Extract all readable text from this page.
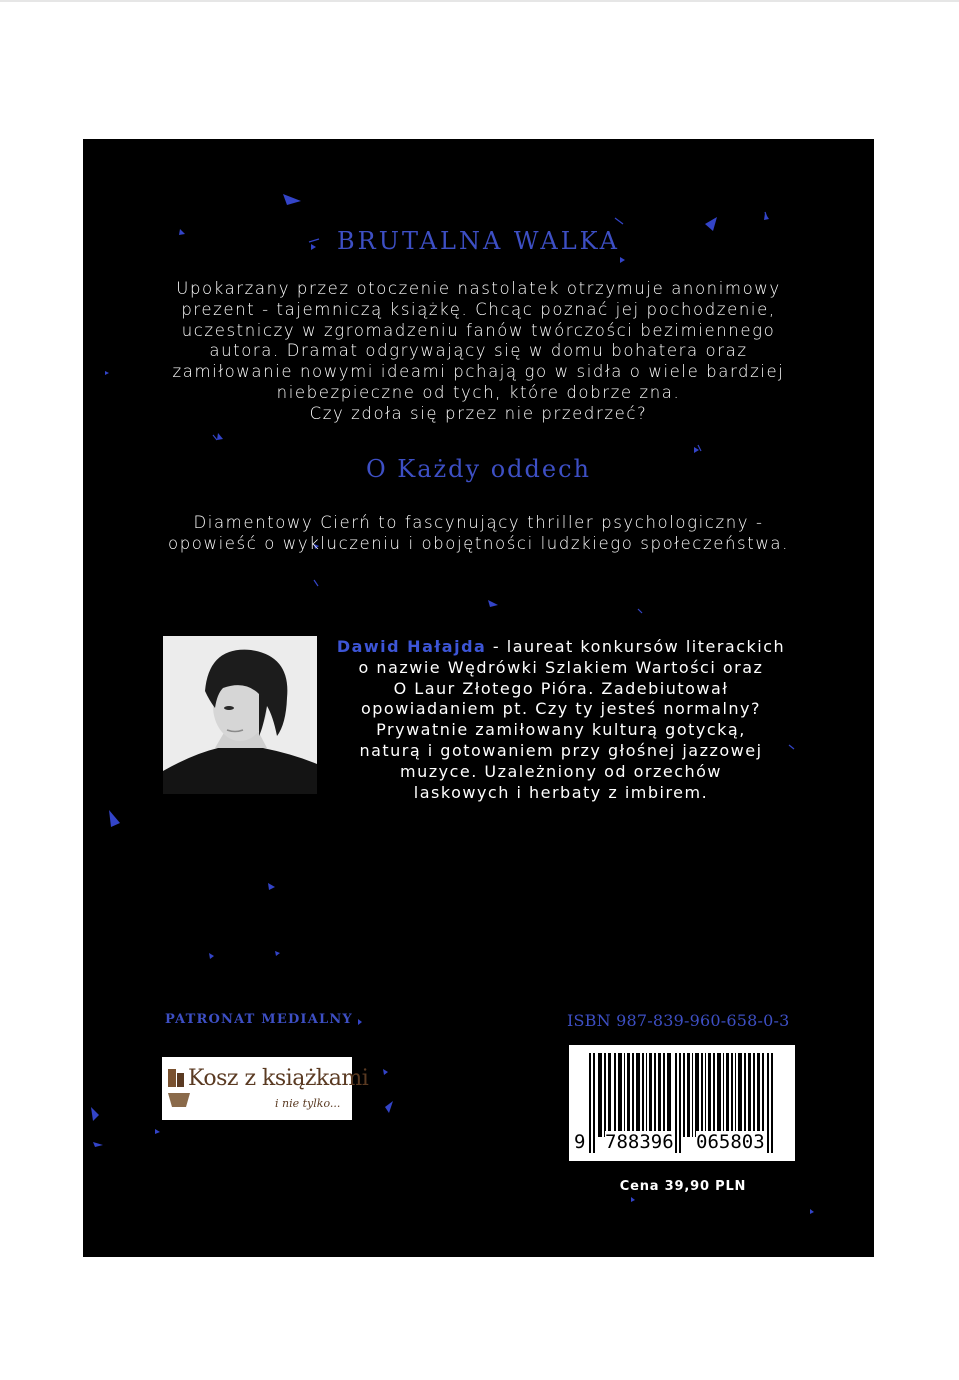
BRUTALNA WALKA
Upokarzany przez otoczenie nastolatek otrzymuje anonimowy
prezent - tajemniczą książkę. Chcąc poznać jej pochodzenie,
uczestniczy w zgromadzeniu fanów twórczości bezimiennego
autora. Dramat odgrywający się w domu bohatera oraz
zamiłowanie nowymi ideami pchają go w sidła o wiele bardziej
niebezpieczne od tych, które dobrze zna.
Czy zdoła się przez nie przedrzeć?
O Każdy oddech
Diamentowy Cierń to fascynujący thriller psychologiczny -
opowieść o wykluczeniu i obojętności ludzkiego społeczeństwa.
Dawid Hałajda - laureat konkursów literackich
o nazwie Wędrówki Szlakiem Wartości oraz
O Laur Złotego Pióra. Zadebiutował
opowiadaniem pt. Czy ty jesteś normalny?
Prywatnie zamiłowany kulturą gotycką,
naturą i gotowaniem przy głośnej jazzowej
muzyce. Uzależniony od orzechów
laskowych i herbaty z imbirem.
PATRONAT MEDIALNY
Kosz z książkami
i nie tylko...
ISBN 987-839-960-658-0-3
9 788396 065803
Cena 39,90 PLN
